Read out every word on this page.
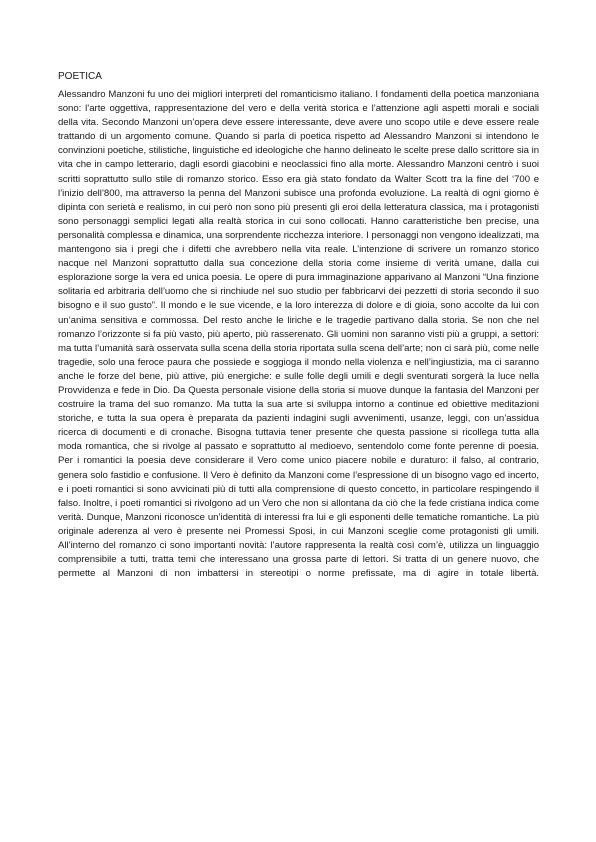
POETICA

Alessandro Manzoni fu uno dei migliori interpreti del romanticismo italiano. I fondamenti della poetica manzoniana sono: l’arte oggettiva, rappresentazione del vero e della verità storica e l’attenzione agli aspetti morali e sociali della vita. Secondo Manzoni un’opera deve essere interessante, deve avere uno scopo utile e deve essere reale trattando di un argomento comune. Quando si parla di poetica rispetto ad Alessandro Manzoni si intendono le convinzioni poetiche, stilistiche, linguistiche ed ideologiche che hanno delineato le scelte prese dallo scrittore sia in vita che in campo letterario, dagli esordi giacobini e neoclassici fino alla morte. Alessandro Manzoni centrò i suoi scritti soprattutto sullo stile di romanzo storico. Esso era già stato fondato da Walter Scott tra la fine del ‘700 e l’inizio dell’800, ma attraverso la penna del Manzoni subisce una profonda evoluzione. La realtà di ogni giorno è dipinta con serietà e realismo, in cui però non sono più presenti gli eroi della letteratura classica, ma i protagonisti sono personaggi semplici legati alla realtà storica in cui sono collocati. Hanno caratteristiche ben precise, una personalità complessa e dinamica, una sorprendente ricchezza interiore. I personaggi non vengono idealizzati, ma mantengono sia i pregi che i difetti che avrebbero nella vita reale. L’intenzione di scrivere un romanzo storico nacque nel Manzoni soprattutto dalla sua concezione della storia come insieme di verità umane, dalla cui esplorazione sorge la vera ed unica poesia. Le opere di pura immaginazione apparivano al Manzoni “Una finzione solitaria ed arbitraria dell’uomo che si rinchiude nel suo studio per fabbricarvi dei pezzetti di storia secondo il suo bisogno e il suo gusto”. Il mondo e le sue vicende, e la loro interezza di dolore e di gioia, sono accolte da lui con un’anima sensitiva e commossa. Del resto anche le liriche e le tragedie partivano dalla storia. Se non che nel romanzo l’orizzonte si fa più vasto, più aperto, più rasserenato. Gli uomini non saranno visti più a gruppi, a settori: ma tutta l’umanità sarà osservata sulla scena della storia riportata sulla scena dell’arte; non ci sarà più, come nelle tragedie, solo una feroce paura che possiede e soggioga il mondo nella violenza e nell’ingiustizia, ma ci saranno anche le forze del bene, più attive, più energiche: e sulle folle degli umili e degli sventurati sorgerà la luce nella Provvidenza e fede in Dio. Da Questa personale visione della storia si muove dunque la fantasia del Manzoni per costruire la trama del suo romanzo. Ma tutta la sua arte si sviluppa intorno a continue ed obiettive meditazioni storiche, e tutta la sua opera è preparata da pazienti indagini sugli avvenimenti, usanze, leggi, con un’assidua ricerca di documenti e di cronache. Bisogna tuttavia tener presente che questa passione si ricollega tutta alla moda romantica, che si rivolge al passato e soprattutto al medioevo, sentendolo come fonte perenne di poesia. Per i romantici la poesia deve considerare il Vero come unico piacere nobile e duraturo: il falso, al contrario, genera solo fastidio e confusione. Il Vero è definito da Manzoni come l’espressione di un bisogno vago ed incerto, e i poeti romantici si sono avvicinati più di tutti alla comprensione di questo concetto, in particolare respingendo il falso. Inoltre, i poeti romantici si rivolgono ad un Vero che non si allontana da ciò che la fede cristiana indica come verità. Dunque, Manzoni riconosce un’identità di interessi fra lui e gli esponenti delle tematiche romantiche. La più originale aderenza al vero è presente nei Promessi Sposi, in cui Manzoni sceglie come protagonisti gli umili. All’interno del romanzo ci sono importanti novità: l’autore rappresenta la realtà così com’è, utilizza un linguaggio comprensibile a tutti, tratta temi che interessano una grossa parte di lettori. Si tratta di un genere nuovo, che permette al Manzoni di non imbattersi in stereotipi o norme prefissate, ma di agire in totale libertà.
